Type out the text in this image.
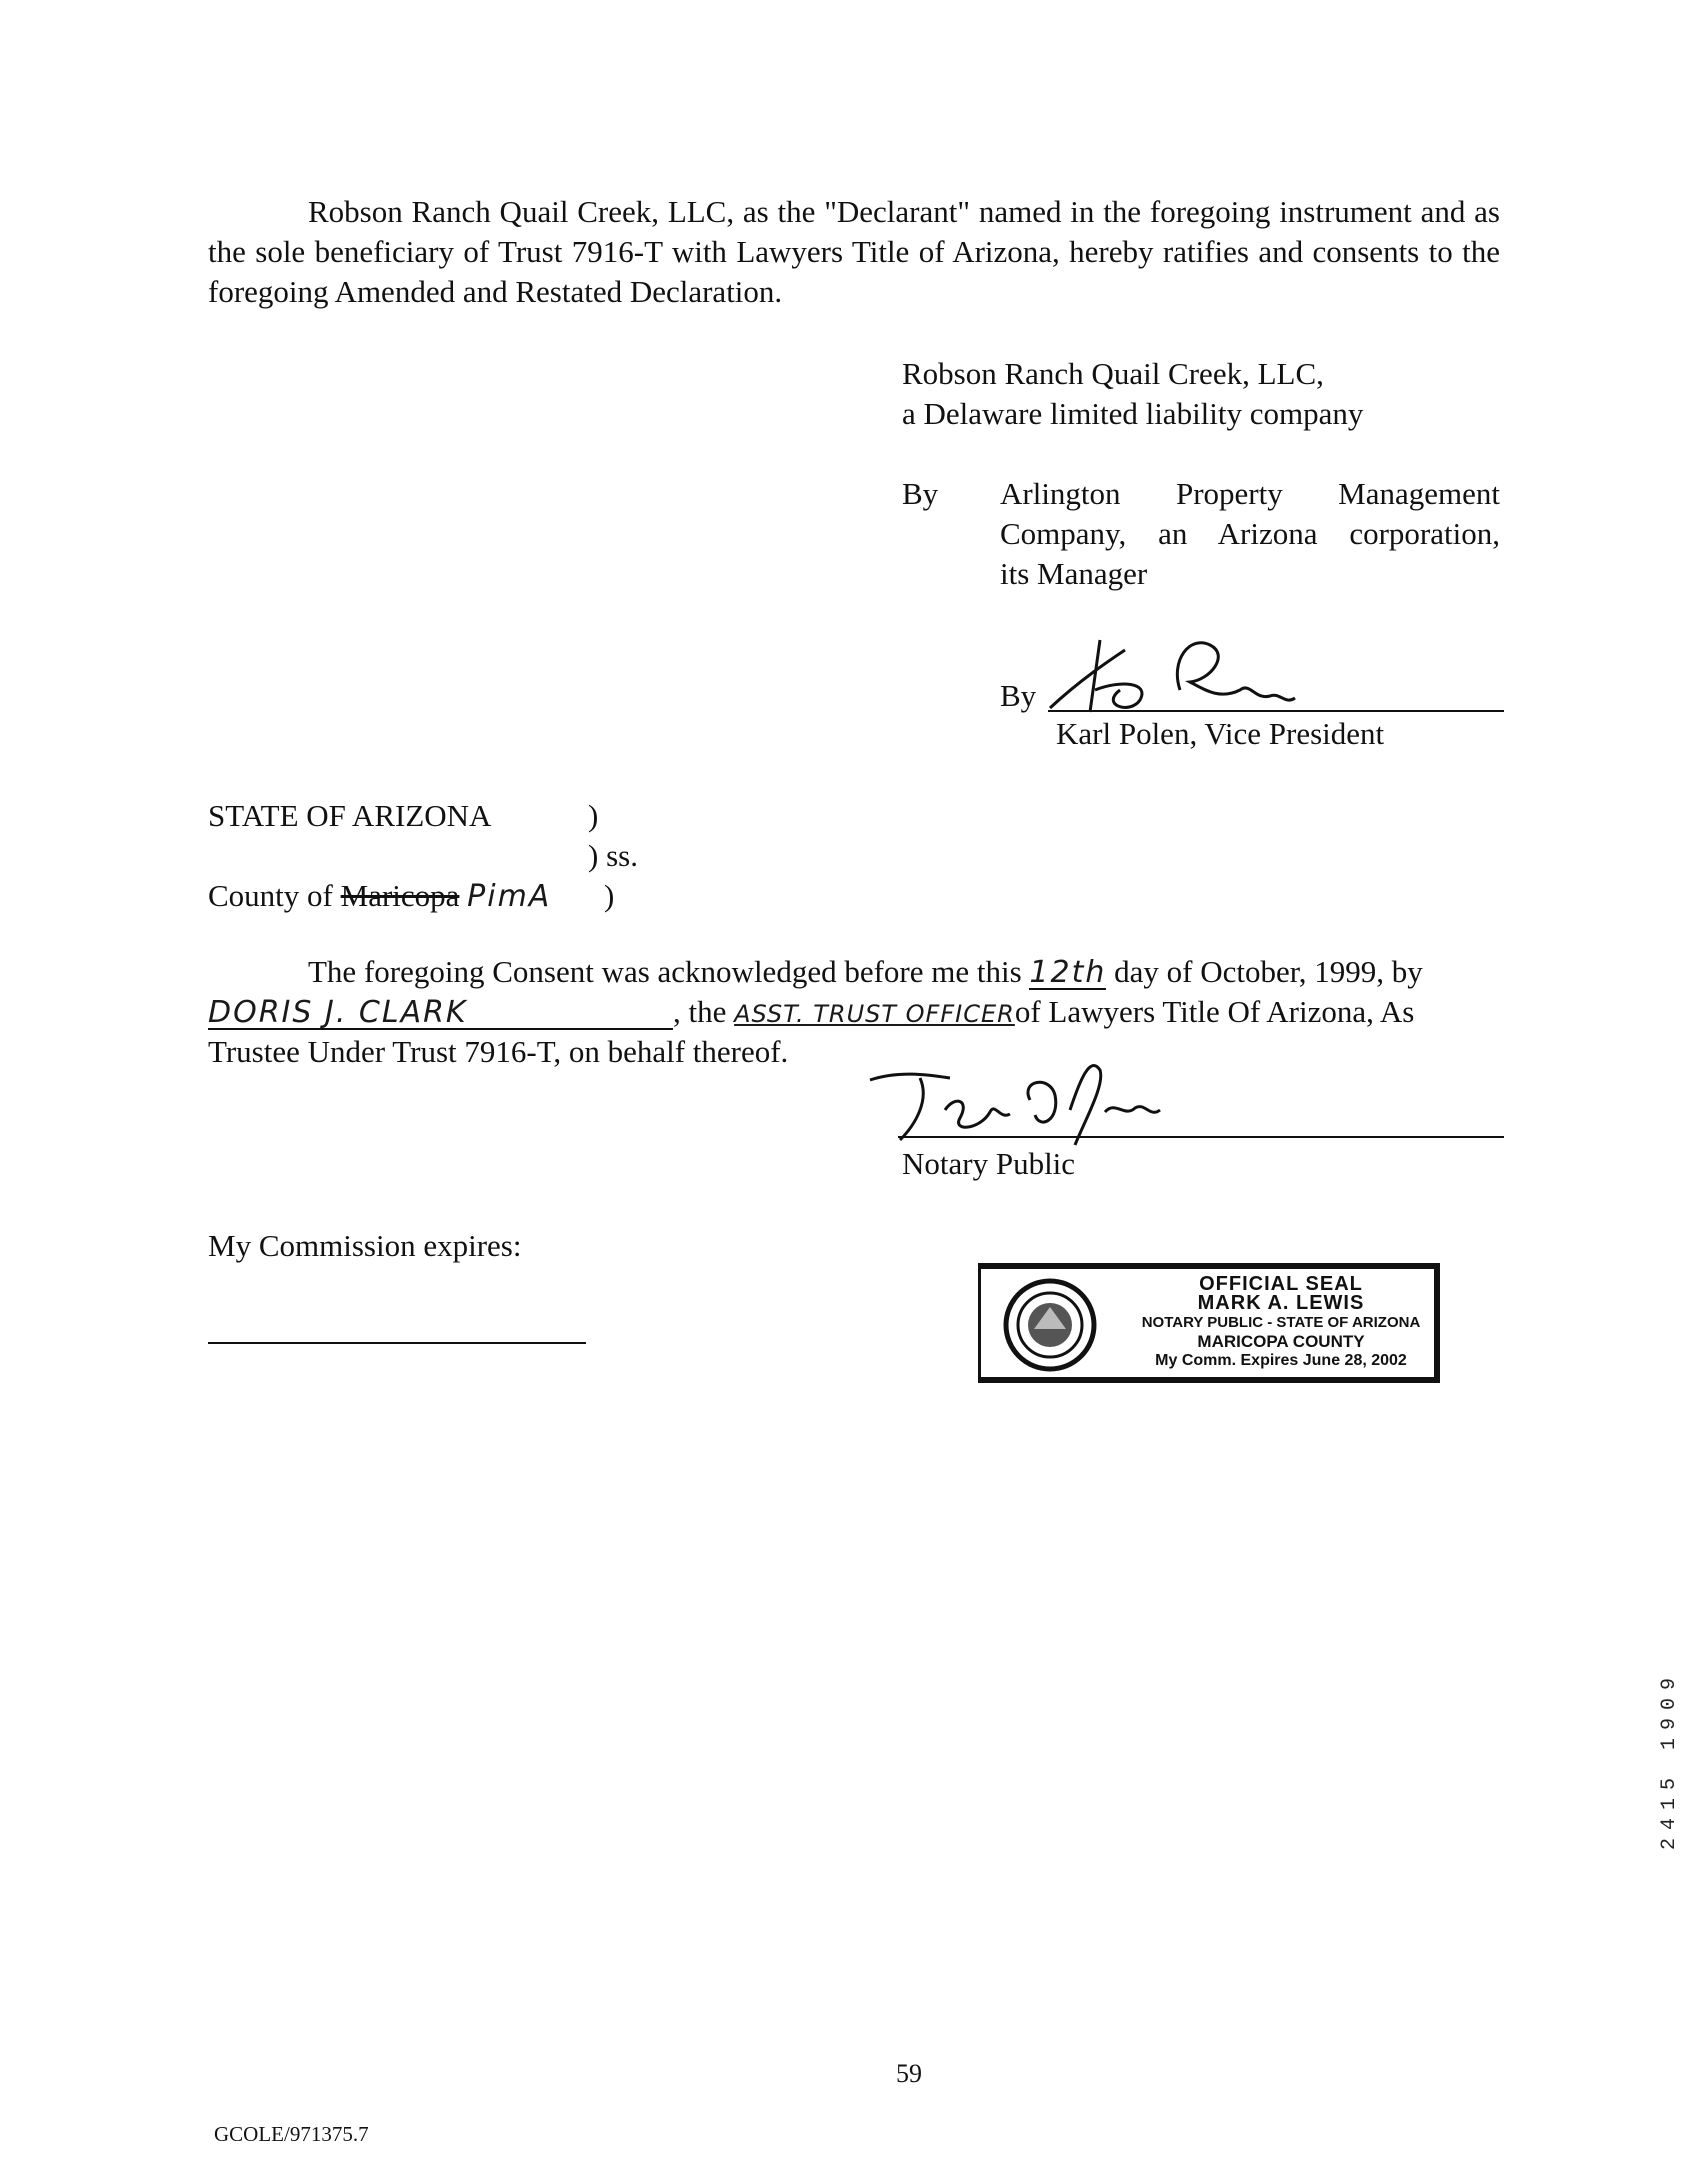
Robson Ranch Quail Creek, LLC, as the "Declarant" named in the foregoing instrument and as the sole beneficiary of Trust 7916-T with Lawyers Title of Arizona, hereby ratifies and consents to the foregoing Amended and Restated Declaration.
Robson Ranch Quail Creek, LLC,
a Delaware limited liability company
By Arlington Property Management
Company, an Arizona corporation,
its Manager
By
Karl Polen, Vice President
STATE OF ARIZONA	)
) ss.
County of Maricopa PimA )
The foregoing Consent was acknowledged before me this 12th day of October, 1999, by
DORIS J. CLARK	, the ASST. TRUST OFFICERof Lawyers Title Of Arizona, As
Trustee Under Trust 7916-T, on behalf thereof.
Notary Public
My Commission expires:
OFFICIAL SEAL
MARK A. LEWIS
NOTARY PUBLIC - STATE OF ARIZONA
MARICOPA COUNTY
My Comm. Expires June 28, 2002
2415 1909
59
GCOLE/971375.7
